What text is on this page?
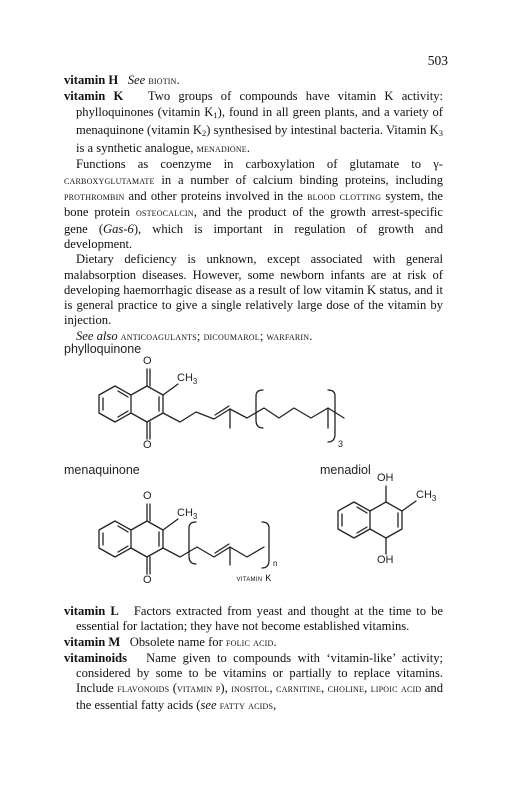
503

vitamin H See biotin.

vitamin K Two groups of compounds have vitamin K activity: phylloquinones (vitamin $K_1$), found in all green plants, and a variety of menaquinone (vitamin $K_2$) synthesised by intestinal bacteria. Vitamin $K_3$ is a synthetic analogue, menadione.

Functions as coenzyme in carboxylation of glutamate to γ-carboxyglutamate in a number of calcium binding proteins, including prothrombin and other proteins involved in the blood clotting system, the bone protein osteocalcin, and the product of the growth arrest-specific gene (Gas-6), which is important in regulation of growth and development.

Dietary deficiency is unknown, except associated with general malabsorption diseases. However, some newborn infants are at risk of developing haemorrhagic disease as a result of low vitamin K status, and it is general practice to give a single relatively large dose of the vitamin by injection.

See also anticoagulants; dicoumarol; warfarin.

phylloquinone
O
O
$CH_3$
3
menaquinone
O
O
$CH_3$
n
menadiol
OH
OH
$CH_3$
vitamin K

vitamin L Factors extracted from yeast and thought at the time to be essential for lactation; they have not become established vitamins.

vitamin M Obsolete name for folic acid.

vitaminoids Name given to compounds with ‘vitamin-like’ activity; considered by some to be vitamins or partially to replace vitamins. Include flavonoids (vitamin p), inositol, carnitine, choline, lipoic acid and the essential fatty acids (see fatty acids,
